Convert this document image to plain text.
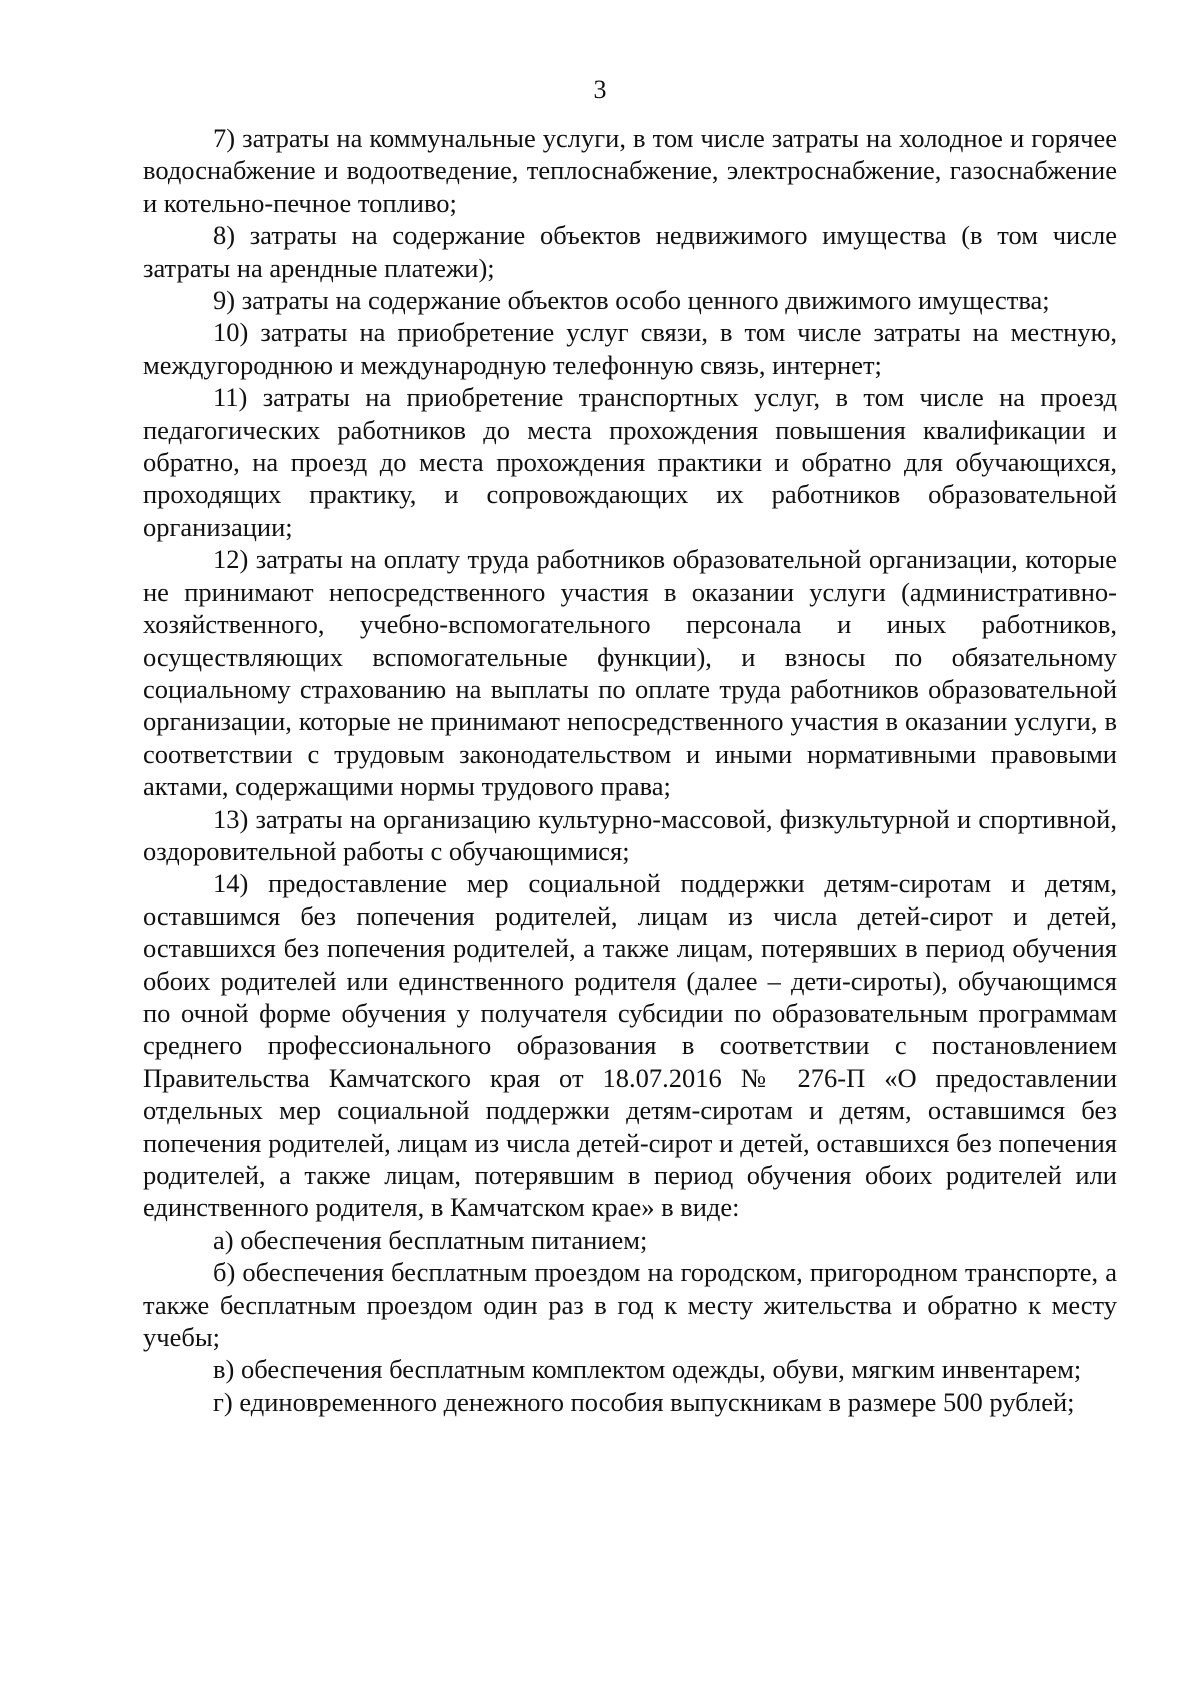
3

7) затраты на коммунальные услуги, в том числе затраты на холодное и горячее водоснабжение и водоотведение, теплоснабжение, электроснабжение, газоснабжение и котельно-печное топливо;

8) затраты на содержание объектов недвижимого имущества (в том числе затраты на арендные платежи);

9) затраты на содержание объектов особо ценного движимого имущества;

10) затраты на приобретение услуг связи, в том числе затраты на местную, междугороднюю и международную телефонную связь, интернет;

11) затраты на приобретение транспортных услуг, в том числе на проезд педагогических работников до места прохождения повышения квалификации и обратно, на проезд до места прохождения практики и обратно для обучающихся, проходящих практику, и сопровождающих их работников образовательной организации;

12) затраты на оплату труда работников образовательной организации, которые не принимают непосредственного участия в оказании услуги (административно-хозяйственного, учебно-вспомогательного персонала и иных работников, осуществляющих вспомогательные функции), и взносы по обязательному социальному страхованию на выплаты по оплате труда работников образовательной организации, которые не принимают непосредственного участия в оказании услуги, в соответствии с трудовым законодательством и иными нормативными правовыми актами, содержащими нормы трудового права;

13) затраты на организацию культурно-массовой, физкультурной и спортивной, оздоровительной работы с обучающимися;

14) предоставление мер социальной поддержки детям-сиротам и детям, оставшимся без попечения родителей, лицам из числа детей-сирот и детей, оставшихся без попечения родителей, а также лицам, потерявших в период обучения обоих родителей или единственного родителя (далее – дети-сироты), обучающимся по очной форме обучения у получателя субсидии по образовательным программам среднего профессионального образования в соответствии с постановлением Правительства Камчатского края от 18.07.2016 № 276-П «О предоставлении отдельных мер социальной поддержки детям-сиротам и детям, оставшимся без попечения родителей, лицам из числа детей-сирот и детей, оставшихся без попечения родителей, а также лицам, потерявшим в период обучения обоих родителей или единственного родителя, в Камчатском крае» в виде:

а) обеспечения бесплатным питанием;

б) обеспечения бесплатным проездом на городском, пригородном транспорте, а также бесплатным проездом один раз в год к месту жительства и обратно к месту учебы;

в) обеспечения бесплатным комплектом одежды, обуви, мягким инвентарем;

г) единовременного денежного пособия выпускникам в размере 500 рублей;
